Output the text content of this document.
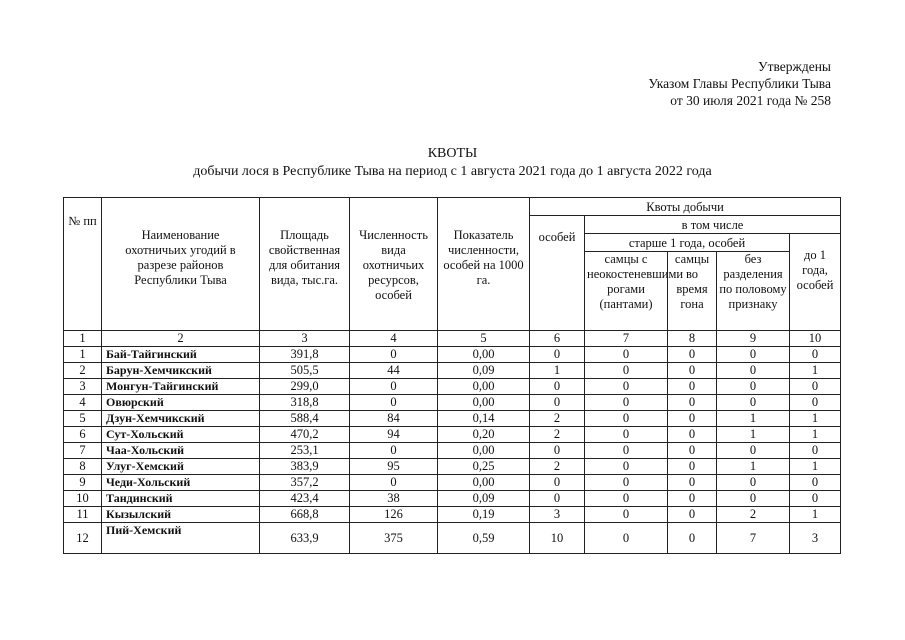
Утверждены
Указом Главы Республики Тыва
от 30 июля 2021 года № 258
КВОТЫ
добычи лося в Республике Тыва на период с 1 августа 2021 года до 1 августа 2022 года
№ пп	Наименование охотничьих угодий в разрезе районов Республики Тыва	Площадь свойственная для обитания вида, тыс.га.	Численность вида охотничьих ресурсов, особей	Показатель численности, особей на 1000 га.	Квоты добычи				
					особей	в том числе			
						старше 1 года, особей			до 1 года, особей
						самцы с неокостеневшими рогами (пантами)	самцы во время гона	без разделения по половому признаку	
1	2	3	4	5	6	7	8	9	10
1	Бай-Тайгинский	391,8	0	0,00	0	0	0	0	0
2	Барун-Хемчикский	505,5	44	0,09	1	0	0	0	1
3	Монгун-Тайгинский	299,0	0	0,00	0	0	0	0	0
4	Овюрский	318,8	0	0,00	0	0	0	0	0
5	Дзун-Хемчикский	588,4	84	0,14	2	0	0	1	1
6	Сут-Хольский	470,2	94	0,20	2	0	0	1	1
7	Чаа-Хольский	253,1	0	0,00	0	0	0	0	0
8	Улуг-Хемский	383,9	95	0,25	2	0	0	1	1
9	Чеди-Хольский	357,2	0	0,00	0	0	0	0	0
10	Тандинский	423,4	38	0,09	0	0	0	0	0
11	Кызылский	668,8	126	0,19	3	0	0	2	1
12	Пий-Хемский	633,9	375	0,59	10	0	0	7	3
